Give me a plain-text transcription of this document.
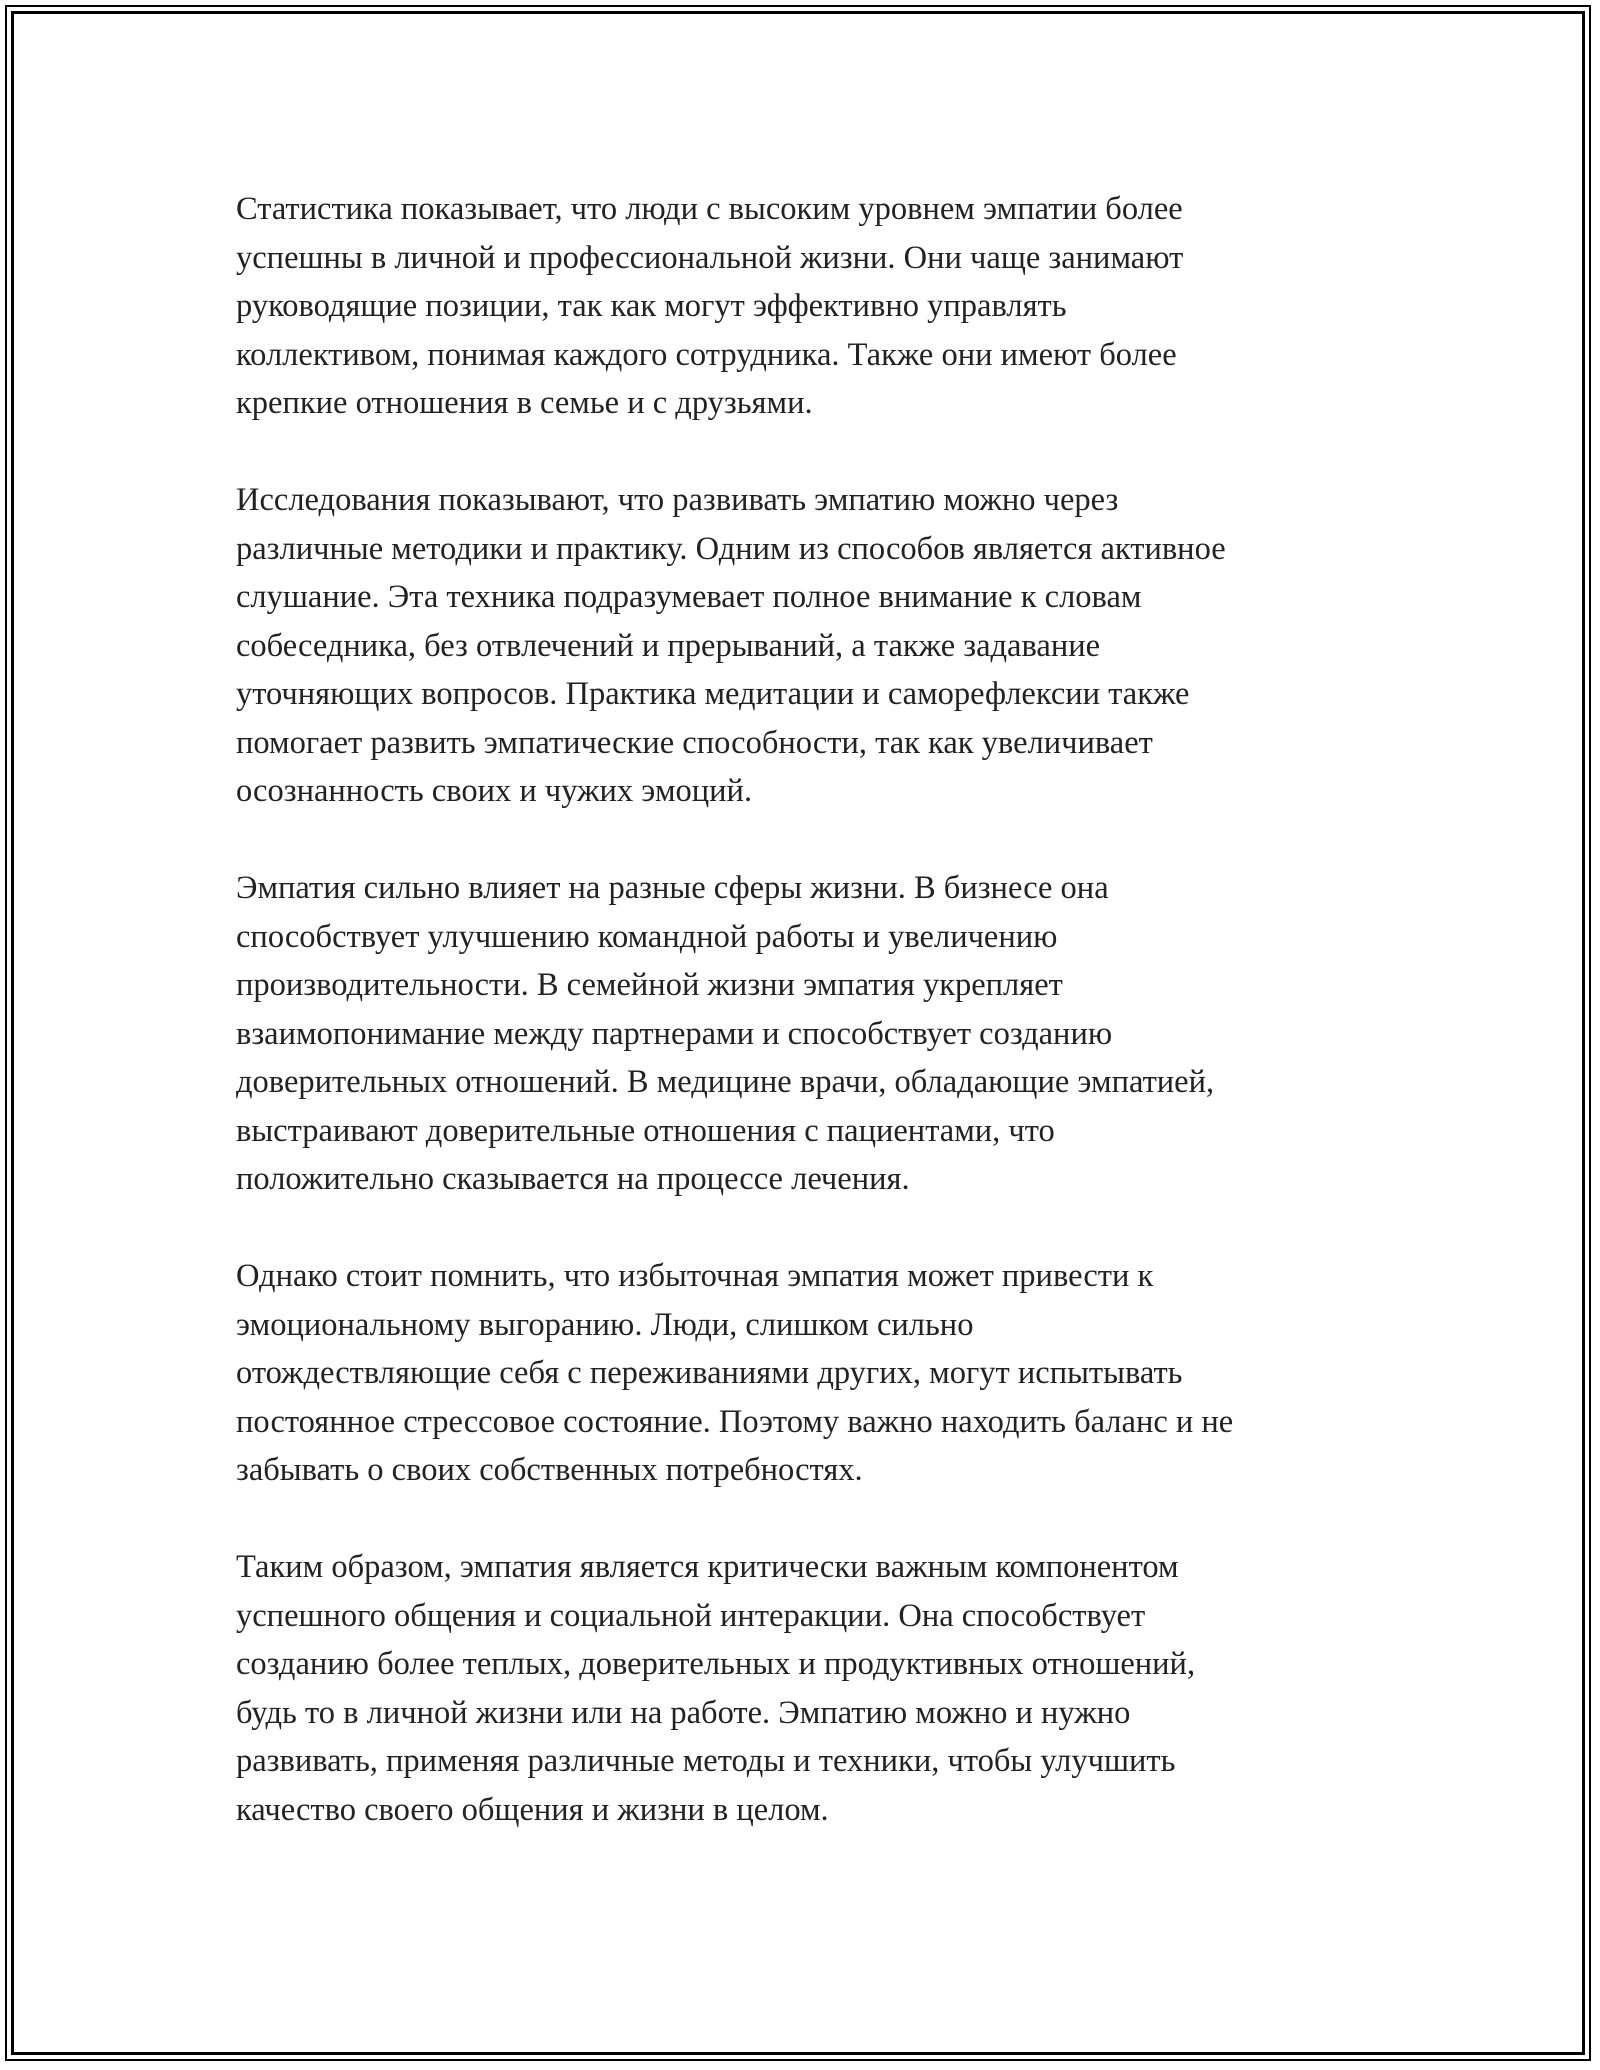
Статистика показывает, что люди с высоким уровнем эмпатии более
успешны в личной и профессиональной жизни. Они чаще занимают
руководящие позиции, так как могут эффективно управлять
коллективом, понимая каждого сотрудника. Также они имеют более
крепкие отношения в семье и с друзьями.

Исследования показывают, что развивать эмпатию можно через
различные методики и практику. Одним из способов является активное
слушание. Эта техника подразумевает полное внимание к словам
собеседника, без отвлечений и прерываний, а также задавание
уточняющих вопросов. Практика медитации и саморефлексии также
помогает развить эмпатические способности, так как увеличивает
осознанность своих и чужих эмоций.

Эмпатия сильно влияет на разные сферы жизни. В бизнесе она
способствует улучшению командной работы и увеличению
производительности. В семейной жизни эмпатия укрепляет
взаимопонимание между партнерами и способствует созданию
доверительных отношений. В медицине врачи, обладающие эмпатией,
выстраивают доверительные отношения с пациентами, что
положительно сказывается на процессе лечения.

Однако стоит помнить, что избыточная эмпатия может привести к
эмоциональному выгоранию. Люди, слишком сильно
отождествляющие себя с переживаниями других, могут испытывать
постоянное стрессовое состояние. Поэтому важно находить баланс и не
забывать о своих собственных потребностях.

Таким образом, эмпатия является критически важным компонентом
успешного общения и социальной интеракции. Она способствует
созданию более теплых, доверительных и продуктивных отношений,
будь то в личной жизни или на работе. Эмпатию можно и нужно
развивать, применяя различные методы и техники, чтобы улучшить
качество своего общения и жизни в целом.
